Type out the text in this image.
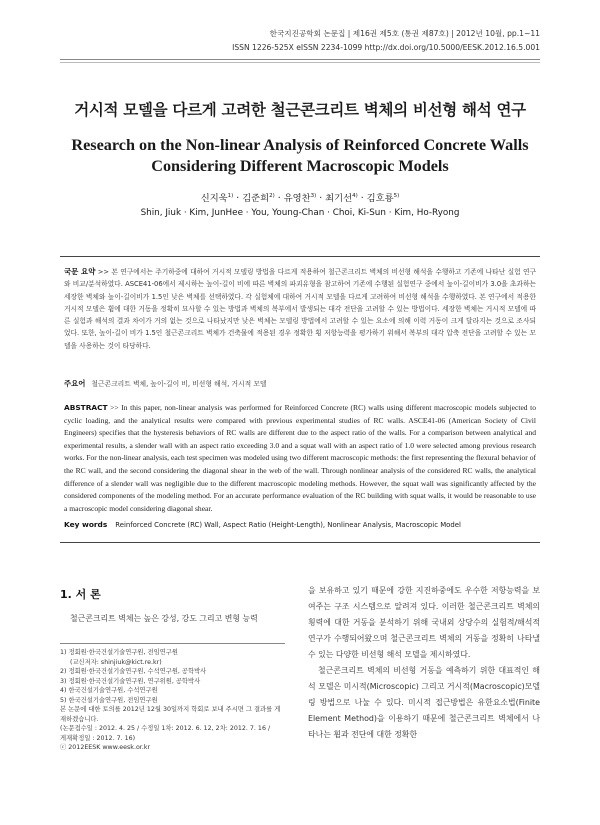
한국지진공학회 논문집 | 제16권 제5호 (통권 제87호) | 2012년 10월, pp.1~11
ISSN 1226-525X eISSN 2234-1099 http://dx.doi.org/10.5000/EESK.2012.16.5.001
거시적 모델을 다르게 고려한 철근콘크리트 벽체의 비선형 해석 연구
Research on the Non-linear Analysis of Reinforced Concrete Walls
Considering Different Macroscopic Models
신지욱$^{1)}$ · 김준희$^{2)}$ · 유영찬$^{3)}$ · 최기선$^{4)}$ · 김호룡$^{5)}$
Shin, Jiuk · Kim, JunHee · You, Young-Chan · Choi, Ki-Sun · Kim, Ho-Ryong
국문 요약 >> 본 연구에서는 주기하중에 대하여 거시적 모델링 방법을 다르게 적용하여 철근콘크리트 벽체의 비선형 해석을 수행하고 기존에 나타난 실험 연구와 비교/분석하였다. ASCE41-06에서 제시하는 높이-길이 비에 따른 벽체의 파괴유형을 참고하여 기존에 수행된 실험연구 중에서 높이-길이비가 3.0을 초과하는 세장한 벽체와 높이-길이비가 1.5인 낮은 벽체를 선택하였다. 각 실험체에 대하여 거시적 모델을 다르게 고려하여 비선형 해석을 수행하였다. 본 연구에서 적용한 거시적 모델은 휨에 대한 거동을 정확히 묘사할 수 있는 방법과 벽체의 복부에서 발생되는 대각 전단을 고려할 수 있는 방법이다. 세장한 벽체는 거시적 모델에 따른 실험과 해석의 결과 차이가 거의 없는 것으로 나타났지만 낮은 벽체는 모델링 방법에서 고려할 수 있는 요소에 의해 이력 거동이 크게 달라지는 것으로 조사되었다. 또한, 높이-길이 비가 1.5인 철근콘크리트 벽체가 건축물에 적용된 경우 정확한 횡 저항능력을 평가하기 위해서 복부의 대각 압축 전단을 고려할 수 있는 모델을 사용하는 것이 타당하다.
주요어 철근콘크리트 벽체, 높이-길이 비, 비선형 해석, 거시적 모델
ABSTRACT >> In this paper, non-linear analysis was performed for Reinforced Concrete (RC) walls using different macroscopic models subjected to cyclic loading, and the analytical results were compared with previous experimental studies of RC walls. ASCE41-06 (American Society of Civil Engineers) specifies that the hysteresis behaviors of RC walls are different due to the aspect ratio of the walls. For a comparison between analytical and experimental results, a slender wall with an aspect ratio exceeding 3.0 and a squat wall with an aspect ratio of 1.0 were selected among previous research works. For the non-linear analysis, each test specimen was modeled using two different macroscopic methods: the first representing the flexural behavior of the RC wall, and the second considering the diagonal shear in the web of the wall. Through nonlinear analysis of the considered RC walls, the analytical difference of a slender wall was negligible due to the different macroscopic modeling methods. However, the squat wall was significantly affected by the considered components of the modeling method. For an accurate performance evaluation of the RC building with squat walls, it would be reasonable to use a macroscopic model considering diagonal shear.
Key words Reinforced Concrete (RC) Wall, Aspect Ratio (Height-Length), Nonlinear Analysis, Macroscopic Model
1. 서 론
철근콘크리트 벽체는 높은 강성, 강도 그리고 변형 능력

1) 정회원·한국건설기술연구원, 전임연구원

(교신저자: shinjiuk@kict.re.kr)

2) 정회원·한국건설기술연구원, 수석연구원, 공학박사

3) 정회원·한국건설기술연구원, 연구위원, 공학박사

4) 한국건설기술연구원, 수석연구원

5) 한국건설기술연구원, 전임연구원

본 논문에 대한 토의를 2012년 12월 30일까지 학회로 보내 주시면 그 결과를 게재하겠습니다.

(논문접수일 : 2012. 4. 25 / 수정일 1차: 2012. 6. 12, 2차: 2012. 7. 16 /

게재확정일 : 2012. 7. 16)

ⓒ 2012EESK www.eesk.or.kr

을 보유하고 있기 때문에 강한 지진하중에도 우수한 저항능력을 보여주는 구조 시스템으로 알려져 있다. 이러한 철근콘크리트 벽체의 횡력에 대한 거동을 분석하기 위해 국내외 상당수의 실험적/해석적 연구가 수행되어왔으며 철근콘크리트 벽체의 거동을 정확히 나타낼 수 있는 다양한 비선형 해석 모델을 제시하였다.
철근콘크리트 벽체의 비선형 거동을 예측하기 위한 대표적인 해석 모델은 미시적(Microscopic) 그리고 거시적(Macroscopic)모델링 방법으로 나눌 수 있다. 미시적 접근방법은 유한요소법(Finite Element Method)을 이용하기 때문에 철근콘크리트 벽체에서 나타나는 휨과 전단에 대한 정확한
